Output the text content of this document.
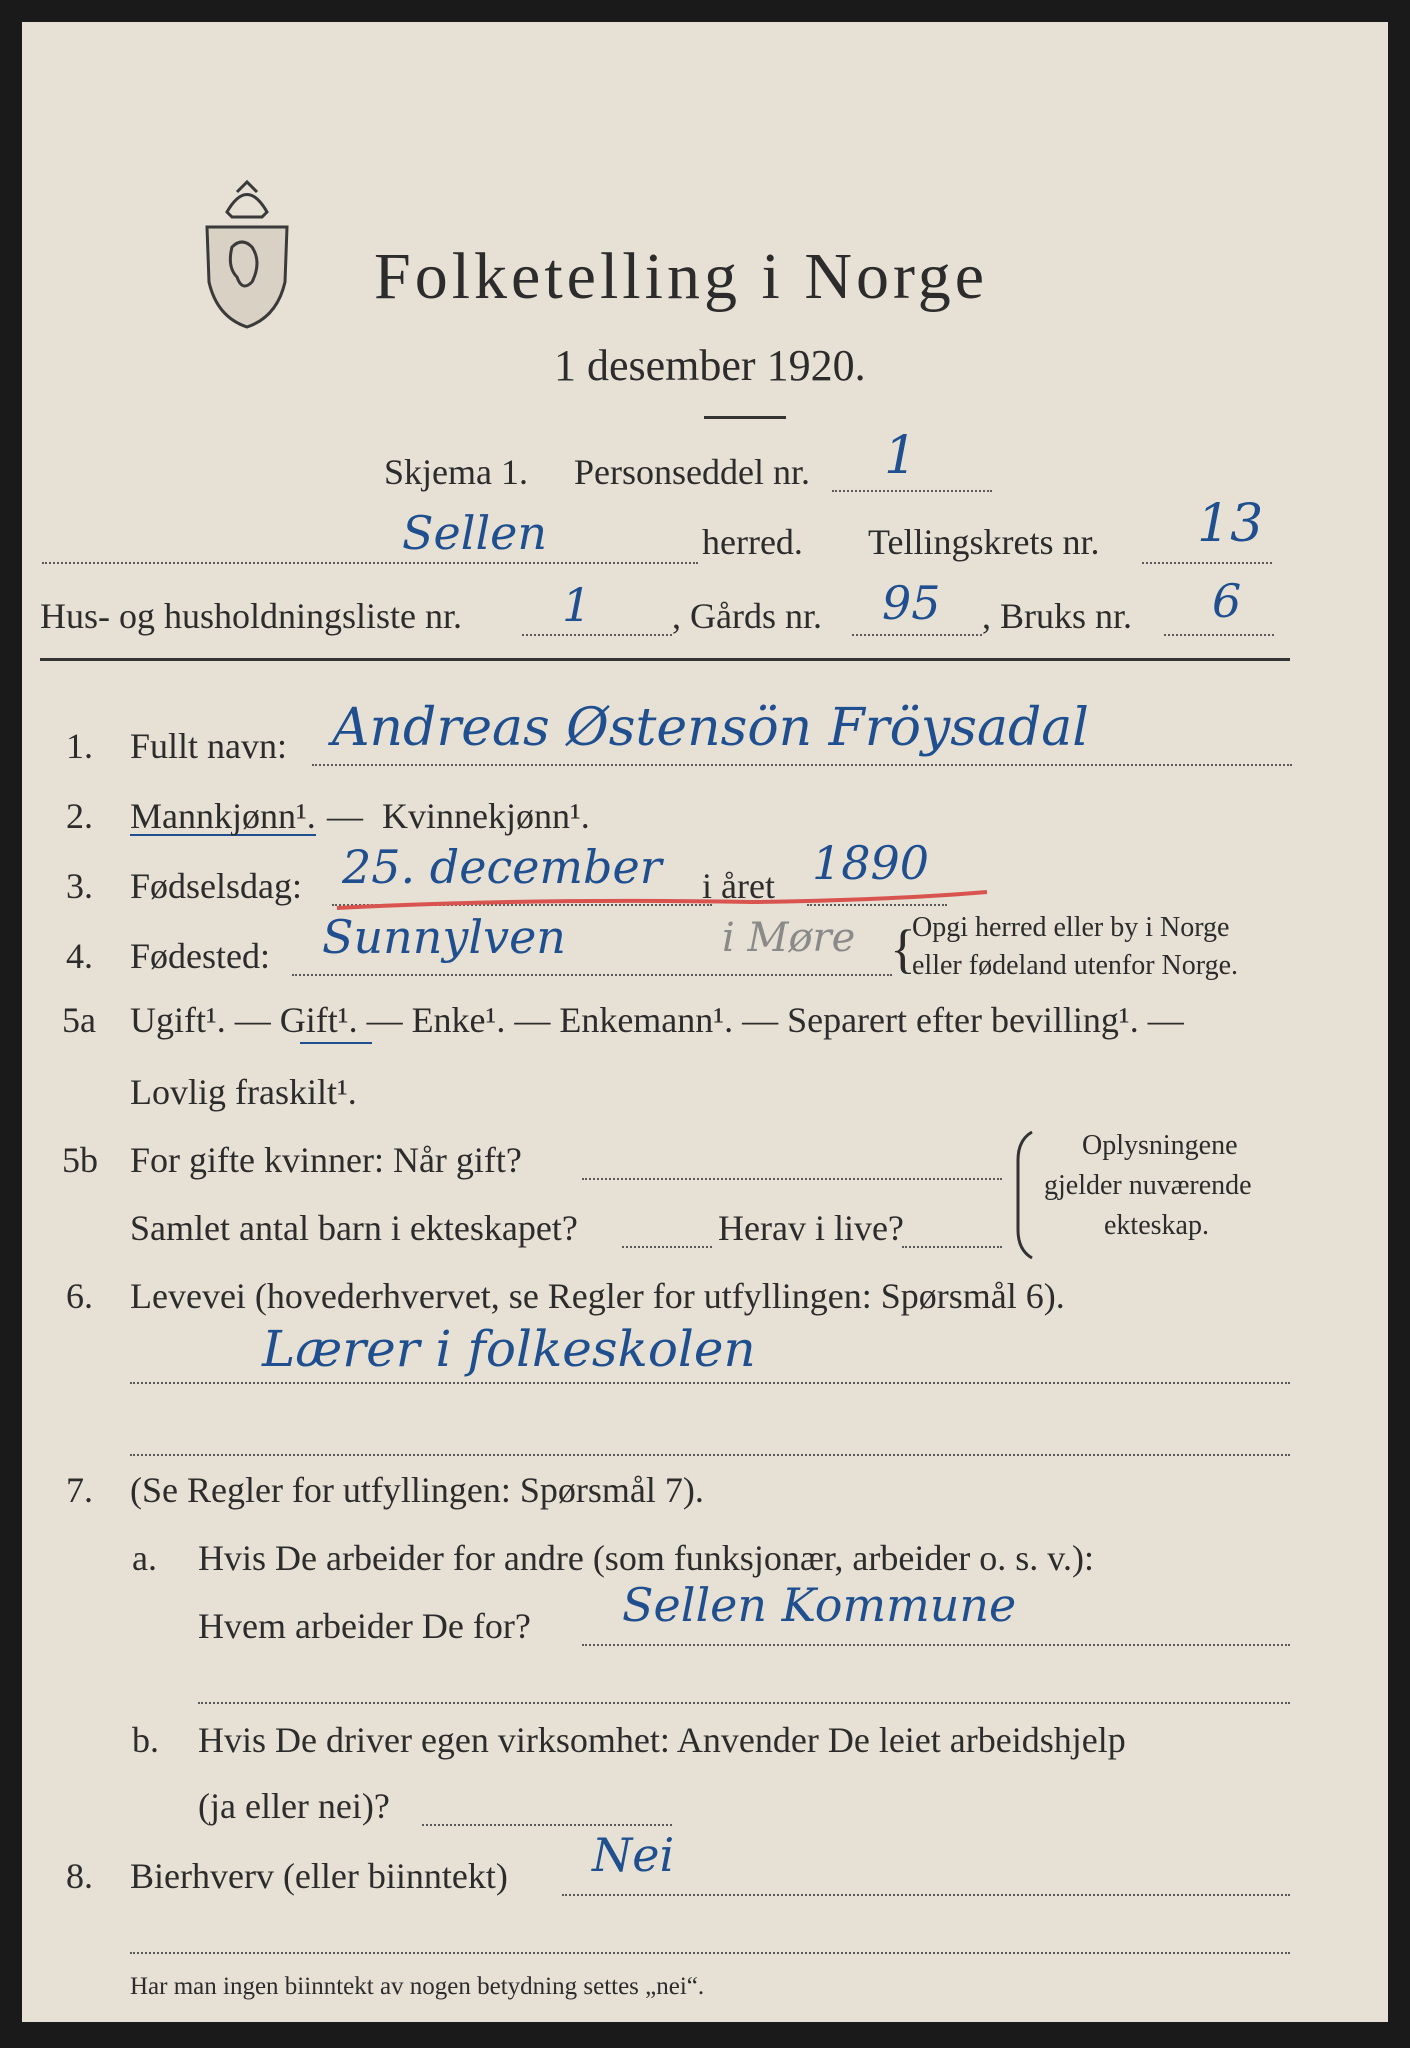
Folketelling i Norge
1 desember 1920.
Skjema 1. Personseddel nr. 1
Sellen	herred. Tellingskrets nr. 13
Hus- og husholdningsliste nr. 1 , Gårds nr. 95 , Bruks nr. 6
1. Fullt navn: Andreas Østensön Fröysadal
2. Mannkjønn¹. — Kvinnekjønn¹.
3. Fødselsdag: 25. december i året 1890
4. Fødested: Sunnylven	i Møre {
Opgi herred eller by i Norge
eller fødeland utenfor Norge.
5a Ugift¹. — Gift¹. — Enke¹. — Enkemann¹. — Separert efter bevilling¹. —
Lovlig fraskilt¹.
5b For gifte kvinner: Når gift?
Samlet antal barn i ekteskapet?	Herav i live?
Oplysningene
gjelder nuværende
ekteskap.
6. Levevei (hovederhvervet, se Regler for utfyllingen: Spørsmål 6).
Lærer i folkeskolen
7. (Se Regler for utfyllingen: Spørsmål 7).
a. Hvis De arbeider for andre (som funksjonær, arbeider o. s. v.):
Hvem arbeider De for? Sellen Kommune
b. Hvis De driver egen virksomhet: Anvender De leiet arbeidshjelp
(ja eller nei)?
8. Bierhverv (eller biinntekt) Nei
Har man ingen biinntekt av nogen betydning settes „nei“.
